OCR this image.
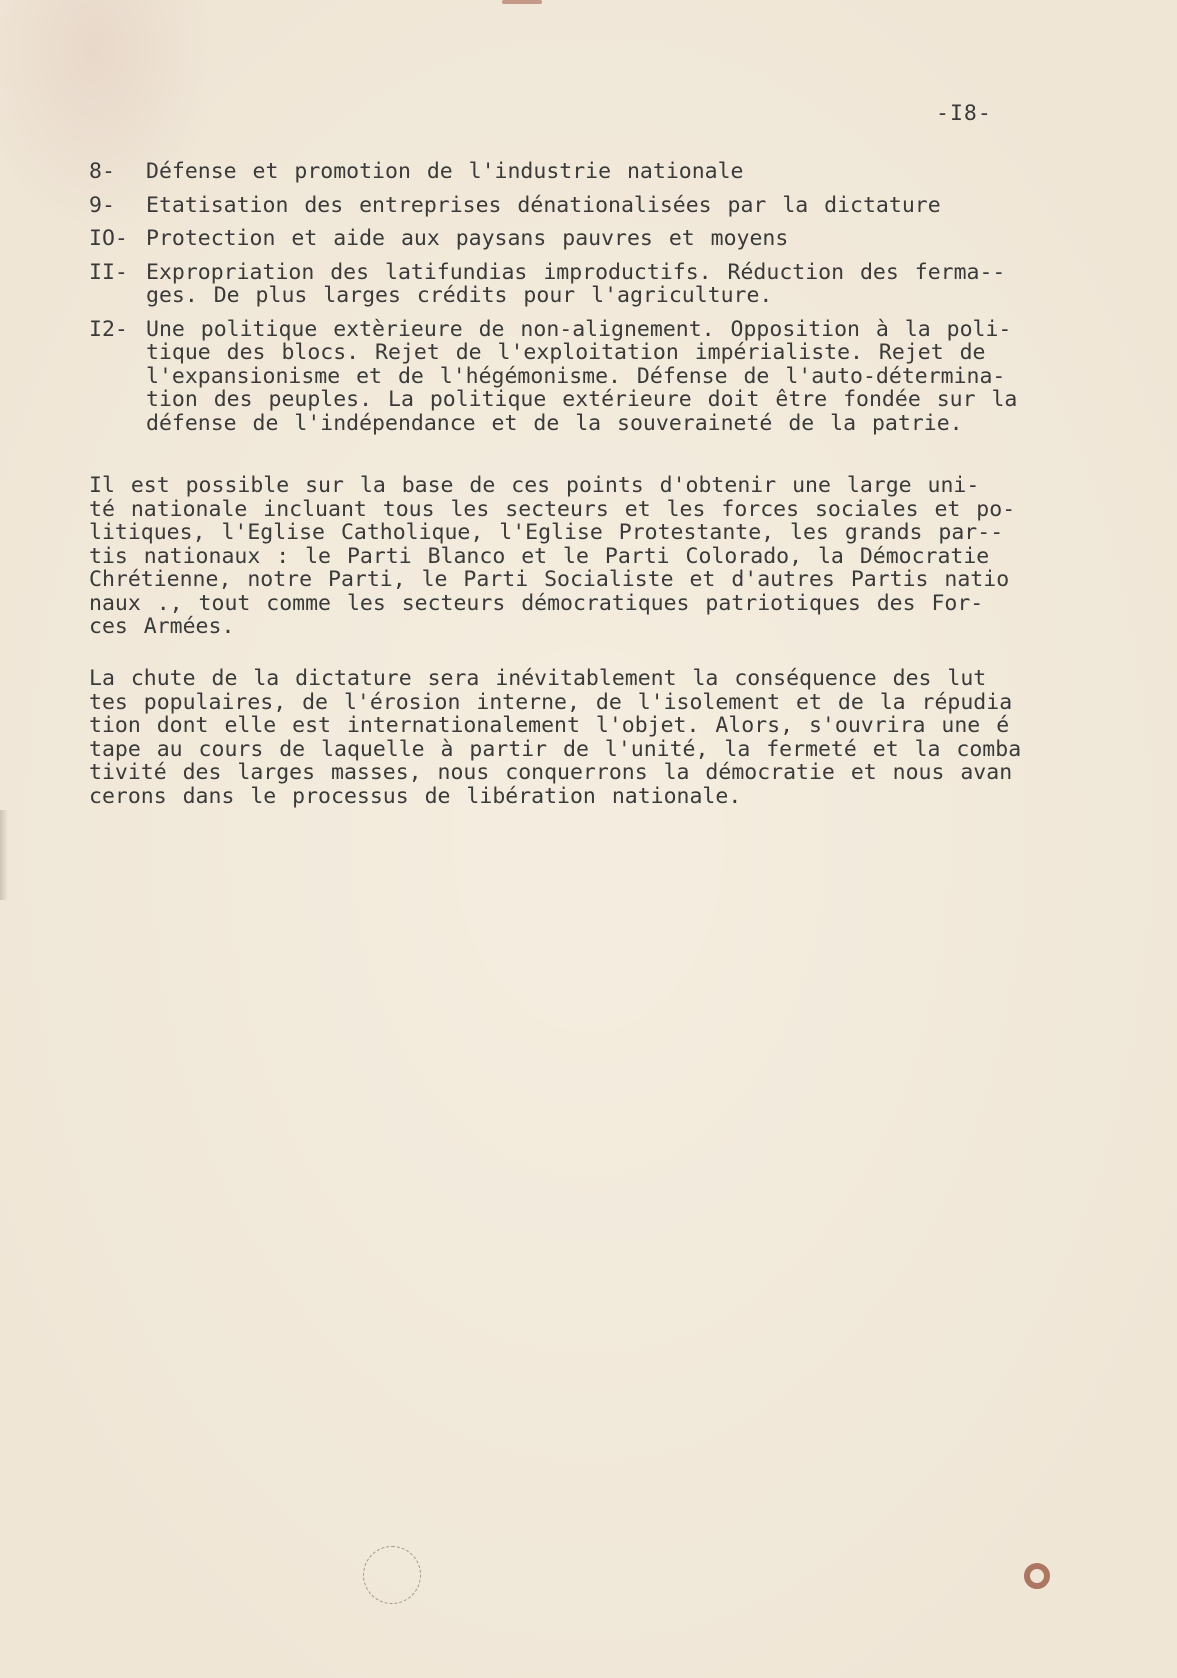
-I8-
8-	Défense et promotion de l'industrie nationale
9-	Etatisation des entreprises dénationalisées par la dictature
IO- Protection et aide aux paysans pauvres et moyens
II- Expropriation des latifundias improductifs. Réduction des ferma--
ges. De plus larges crédits pour l'agriculture.
I2- Une politique extèrieure de non-alignement. Opposition à la poli-
tique des blocs. Rejet de l'exploitation impérialiste. Rejet de
l'expansionisme et de l'hégémonisme. Défense de l'auto-détermina-
tion des peuples. La politique extérieure doit être fondée sur la
défense de l'indépendance et de la souveraineté de la patrie.

Il est possible sur la base de ces points d'obtenir une large uni-
té nationale incluant tous les secteurs et les forces sociales et po-
litiques, l'Eglise Catholique, l'Eglise Protestante, les grands par--
tis nationaux : le Parti Blanco et le Parti Colorado, la Démocratie
Chrétienne, notre Parti, le Parti Socialiste et d'autres Partis natio
naux ., tout comme les secteurs démocratiques patriotiques des For-
ces Armées.

La chute de la dictature sera inévitablement la conséquence des lut
tes populaires, de l'érosion interne, de l'isolement et de la répudia
tion dont elle est internationalement l'objet. Alors, s'ouvrira une é
tape au cours de laquelle à partir de l'unité, la fermeté et la comba
tivité des larges masses, nous conquerrons la démocratie et nous avan
cerons dans le processus de libération nationale.
